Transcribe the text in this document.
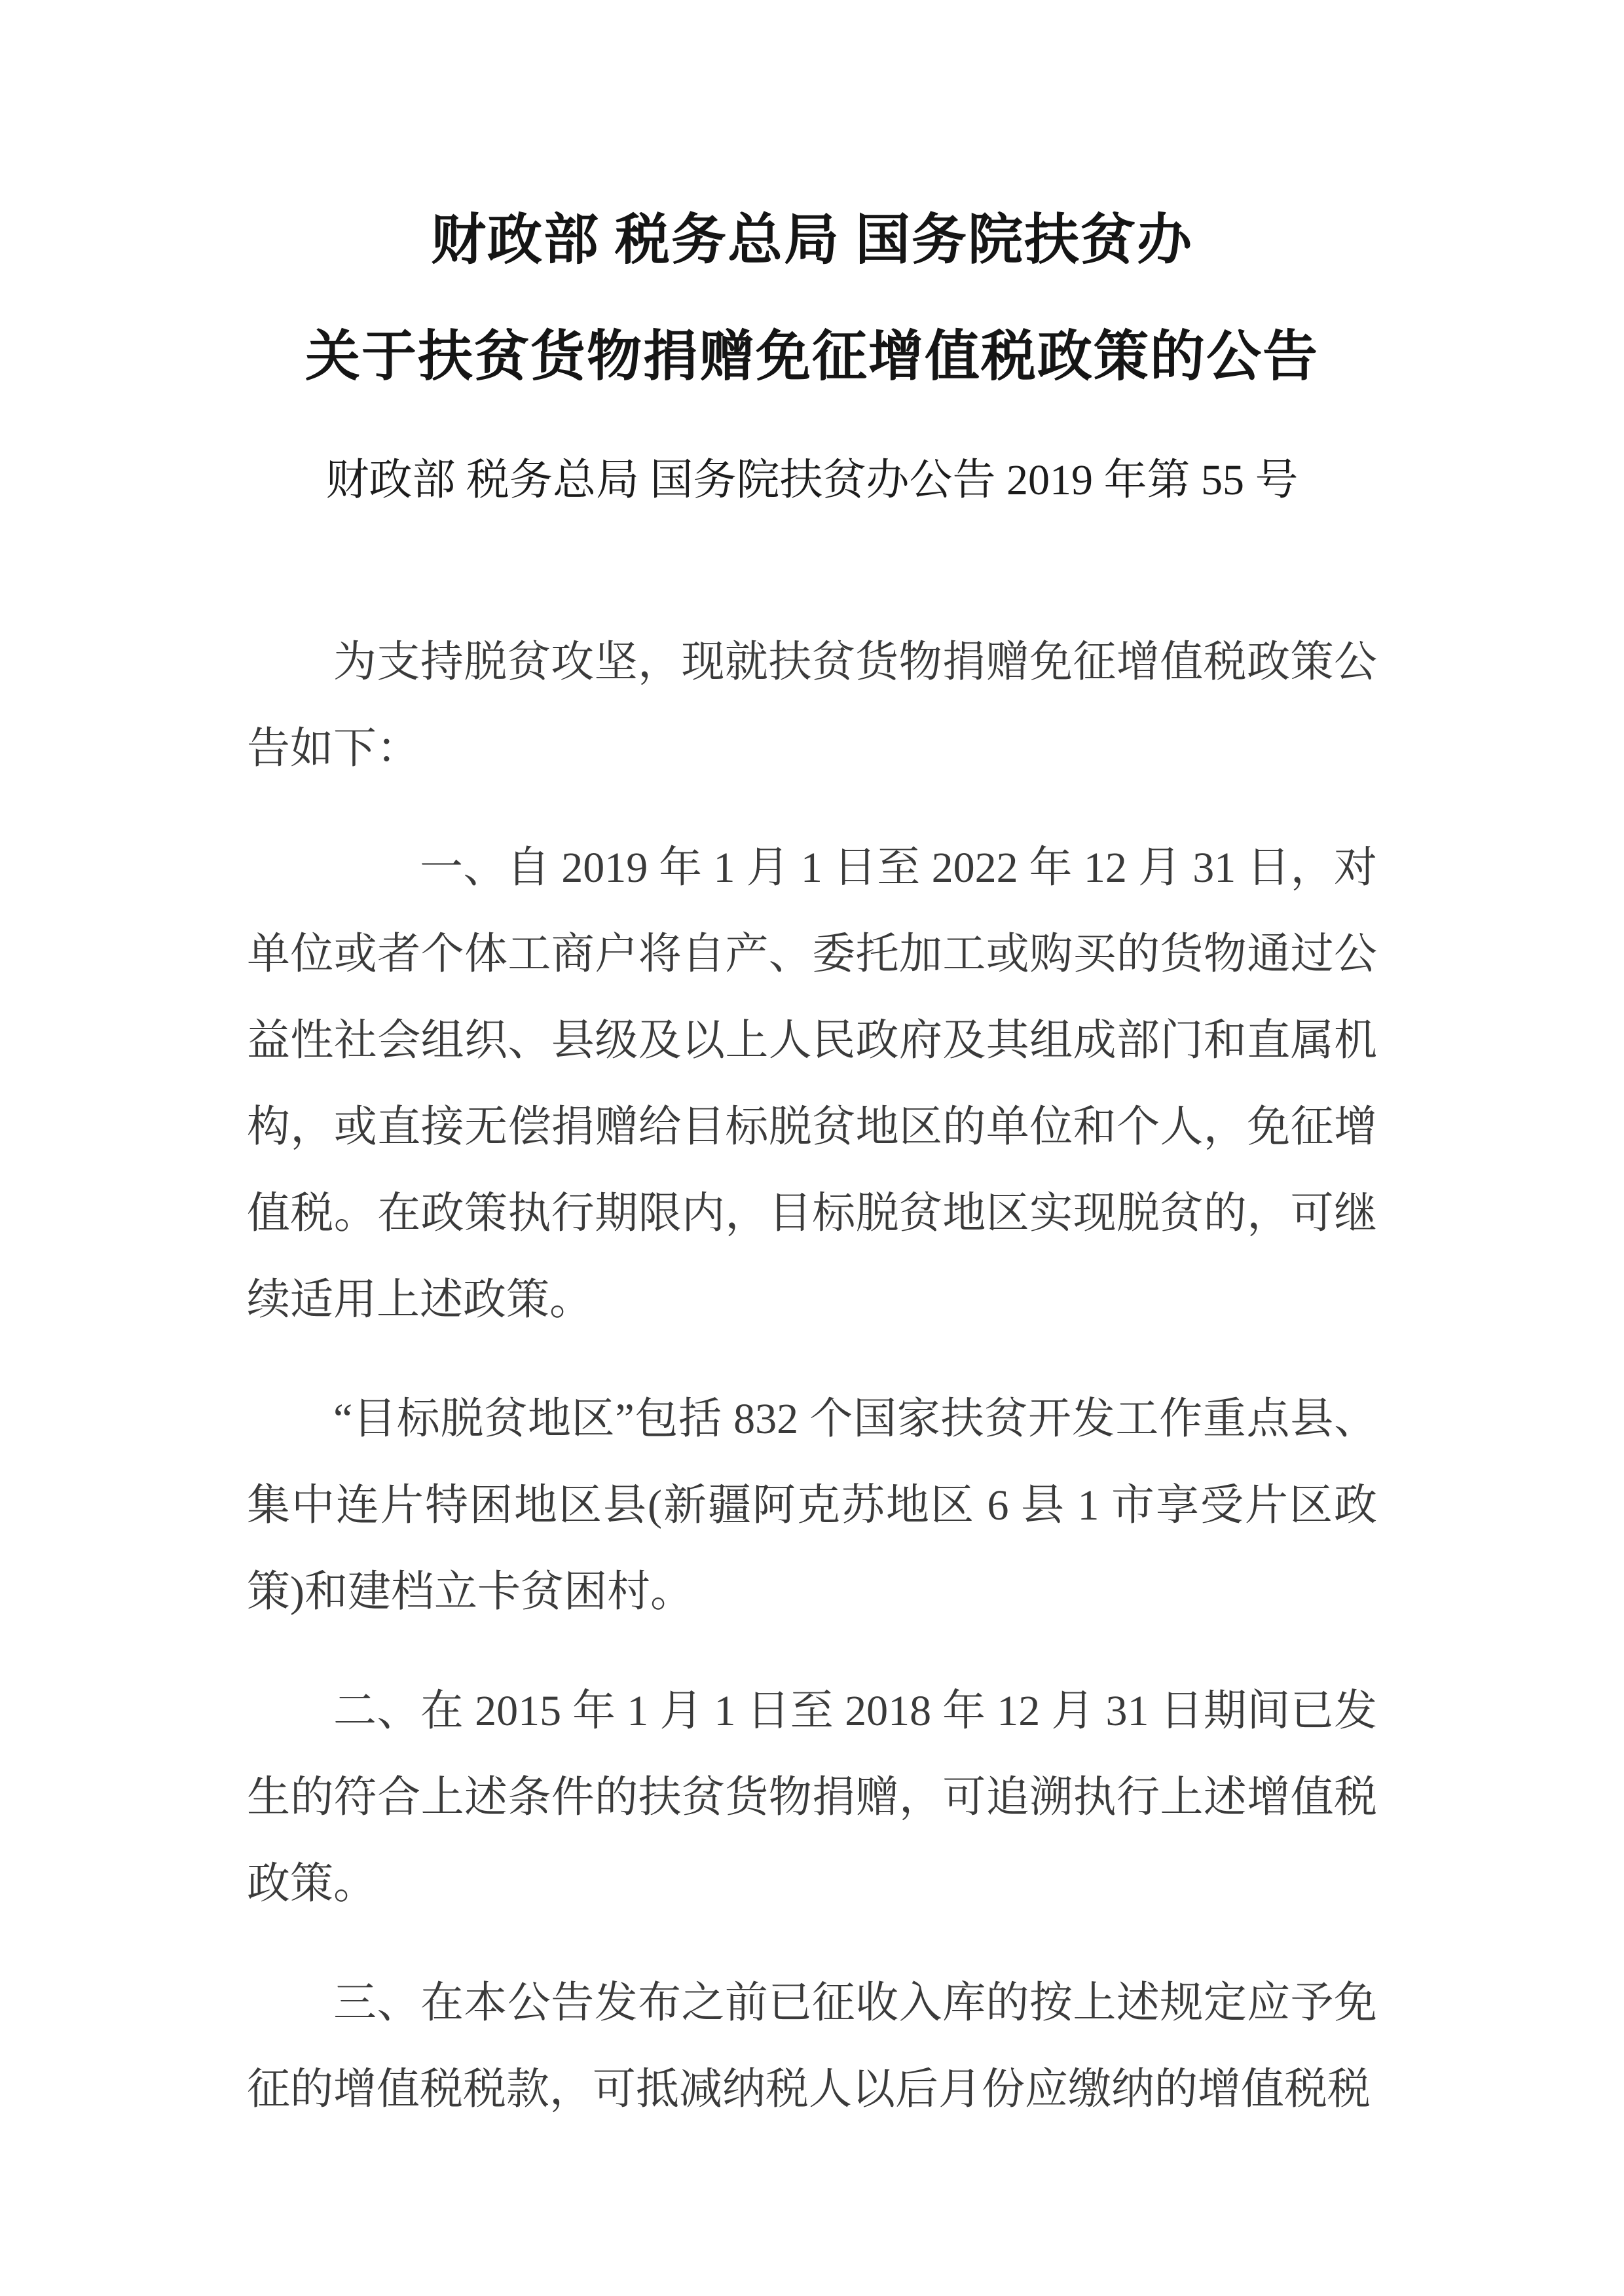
财政部 税务总局 国务院扶贫办
关于扶贫货物捐赠免征增值税政策的公告
财政部 税务总局 国务院扶贫办公告 2019 年第 55 号

为支持脱贫攻坚，现就扶贫货物捐赠免征增值税政策公告如下：

一、自 2019 年 1 月 1 日至 2022 年 12 月 31 日，对单位或者个体工商户将自产、委托加工或购买的货物通过公益性社会组织、县级及以上人民政府及其组成部门和直属机构，或直接无偿捐赠给目标脱贫地区的单位和个人，免征增值税。在政策执行期限内，目标脱贫地区实现脱贫的，可继续适用上述政策。

“目标脱贫地区”包括 832 个国家扶贫开发工作重点县、集中连片特困地区县(新疆阿克苏地区 6 县 1 市享受片区政策)和建档立卡贫困村。

二、在 2015 年 1 月 1 日至 2018 年 12 月 31 日期间已发生的符合上述条件的扶贫货物捐赠，可追溯执行上述增值税政策。

三、在本公告发布之前已征收入库的按上述规定应予免征的增值税税款，可抵减纳税人以后月份应缴纳的增值税税
